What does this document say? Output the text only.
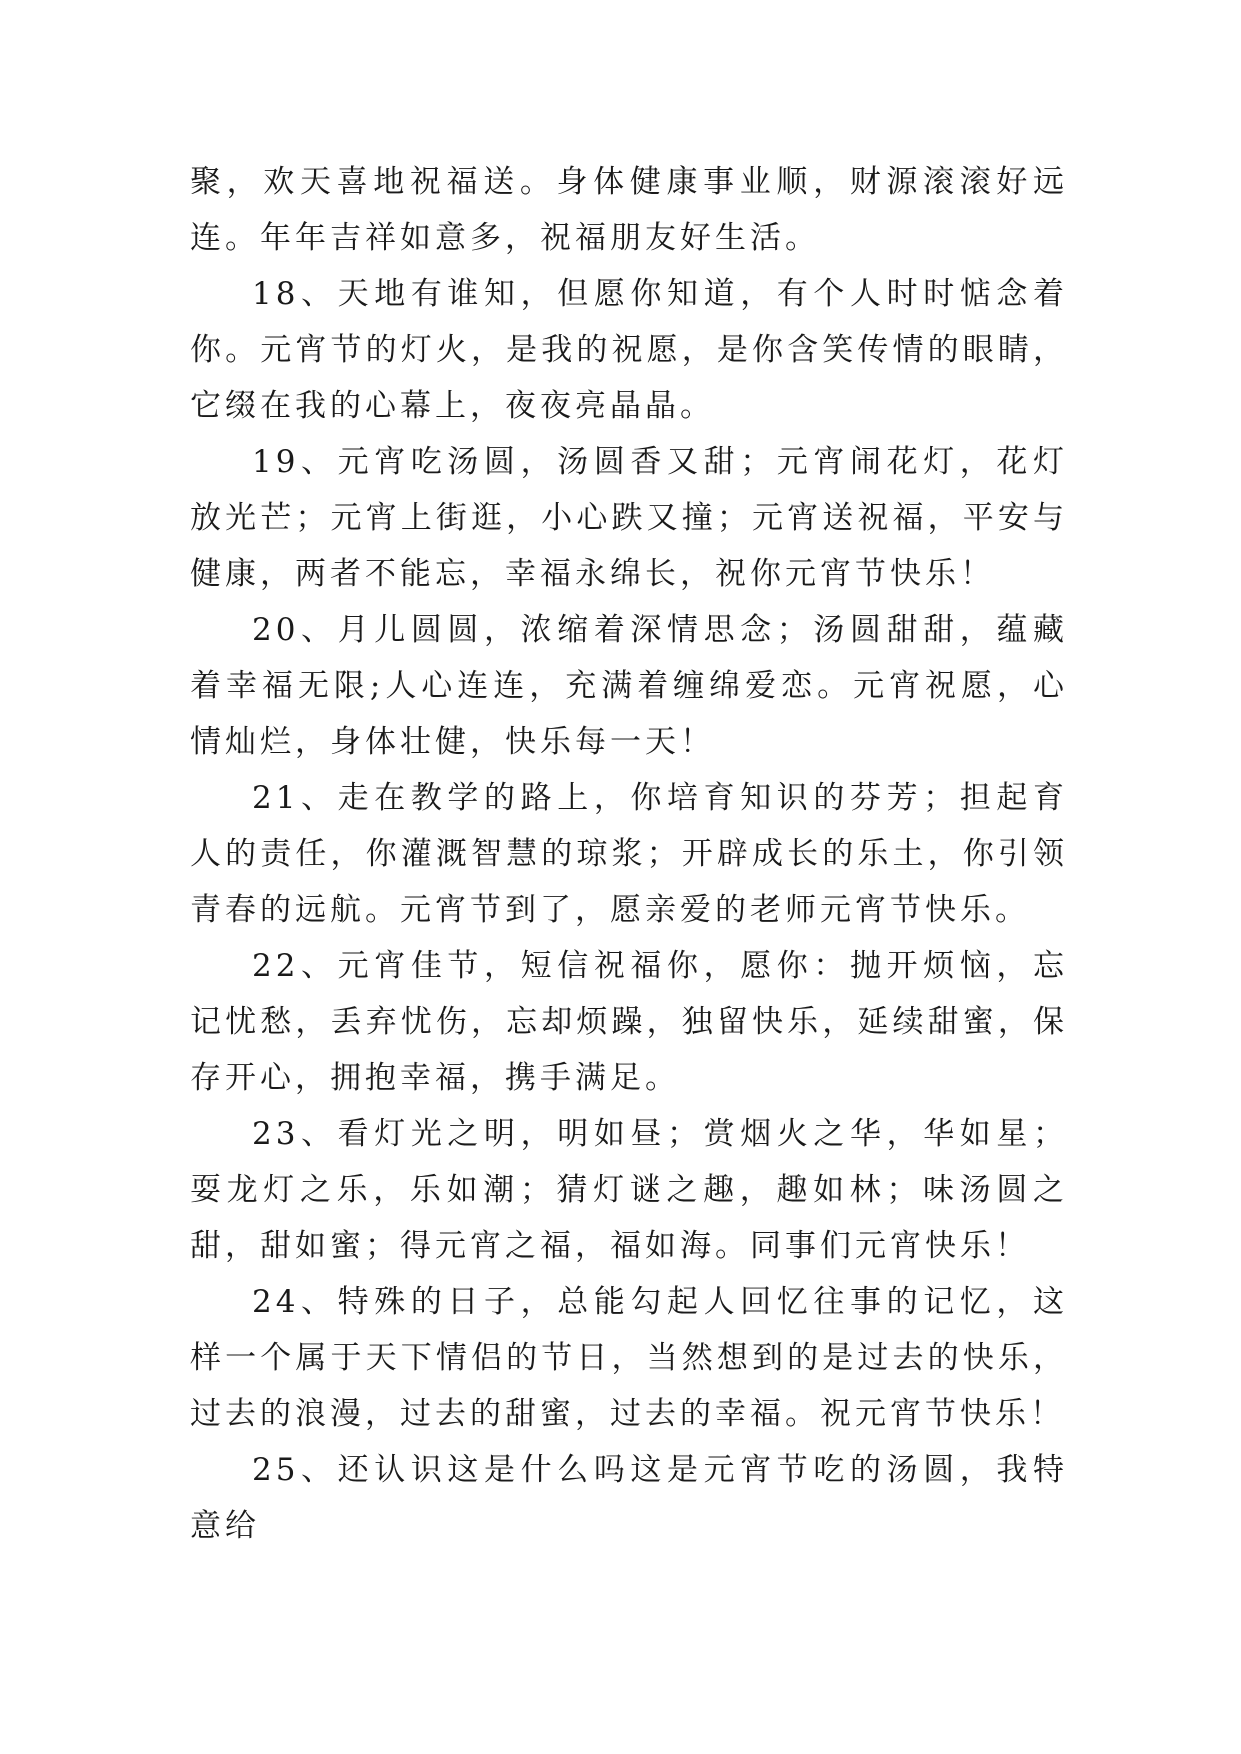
聚，欢天喜地祝福送。身体健康事业顺，财源滚滚好远连。年年吉祥如意多，祝福朋友好生活。

18、天地有谁知，但愿你知道，有个人时时惦念着你。元宵节的灯火，是我的祝愿，是你含笑传情的眼睛，它缀在我的心幕上，夜夜亮晶晶。

19、元宵吃汤圆，汤圆香又甜；元宵闹花灯，花灯放光芒；元宵上街逛，小心跌又撞；元宵送祝福，平安与健康，两者不能忘，幸福永绵长，祝你元宵节快乐！

20、月儿圆圆，浓缩着深情思念；汤圆甜甜，蕴藏着幸福无限;人心连连，充满着缠绵爱恋。元宵祝愿，心情灿烂，身体壮健，快乐每一天！

21、走在教学的路上，你培育知识的芬芳；担起育人的责任，你灌溉智慧的琼浆；开辟成长的乐土，你引领青春的远航。元宵节到了，愿亲爱的老师元宵节快乐。

22、元宵佳节，短信祝福你，愿你：抛开烦恼，忘记忧愁，丢弃忧伤，忘却烦躁，独留快乐，延续甜蜜，保存开心，拥抱幸福，携手满足。

23、看灯光之明，明如昼；赏烟火之华，华如星；耍龙灯之乐，乐如潮；猜灯谜之趣，趣如林；味汤圆之甜，甜如蜜；得元宵之福，福如海。同事们元宵快乐！

24、特殊的日子，总能勾起人回忆往事的记忆，这样一个属于天下情侣的节日，当然想到的是过去的快乐，过去的浪漫，过去的甜蜜，过去的幸福。祝元宵节快乐！

25、还认识这是什么吗这是元宵节吃的汤圆，我特意给
